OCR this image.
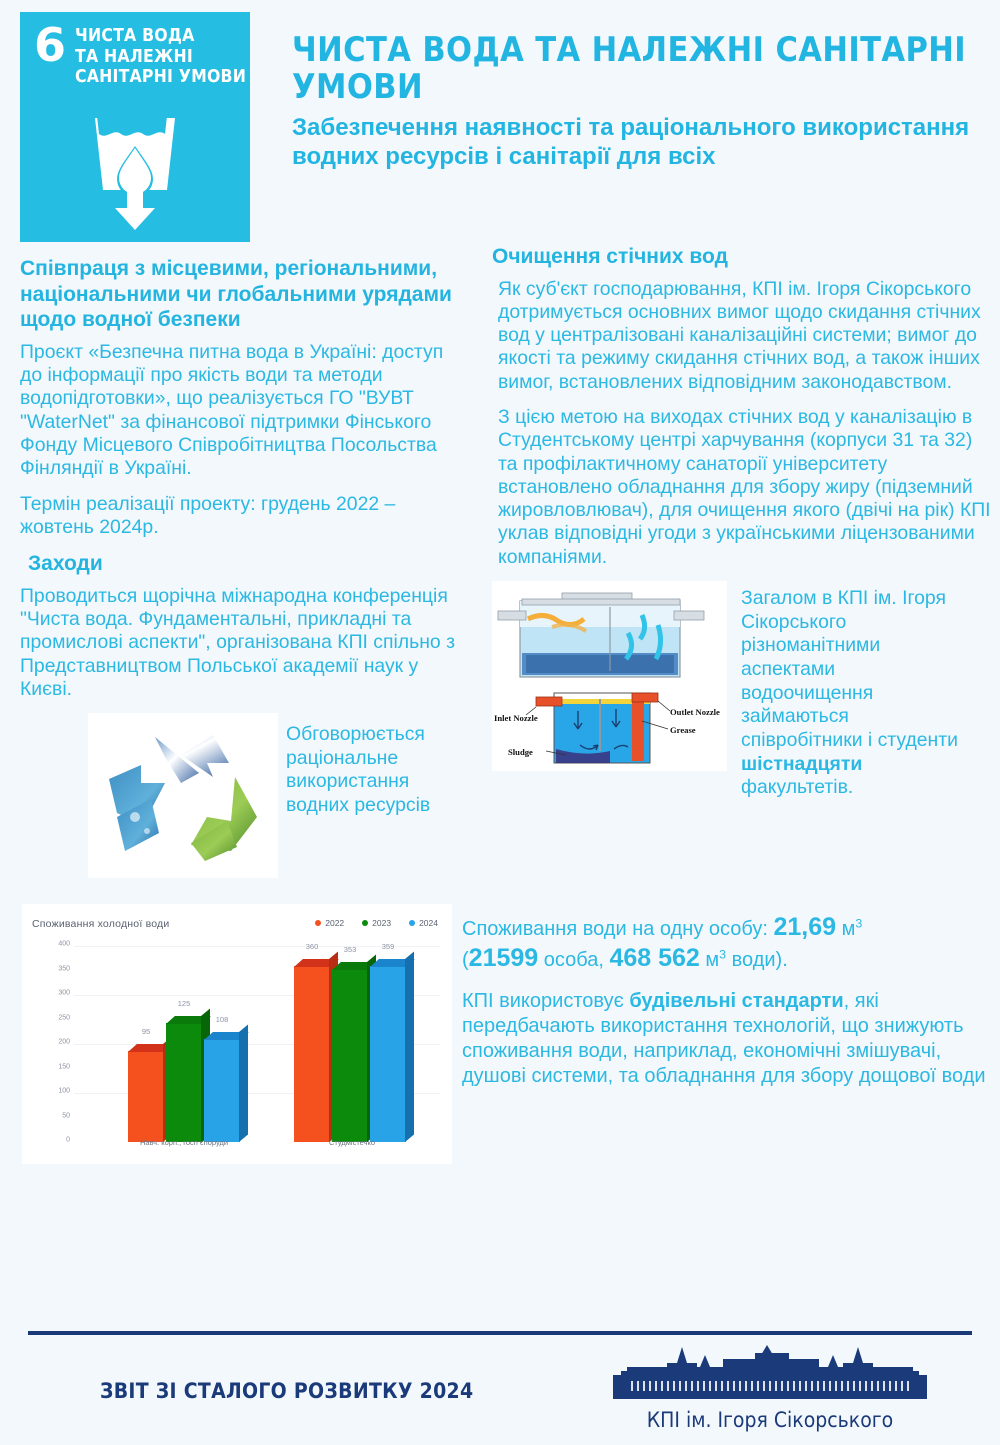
6 ЧИСТА ВОДА
ТА НАЛЕЖНІ
САНІТАРНІ УМОВИ
ЧИСТА ВОДА ТА НАЛЕЖНІ САНІТАРНІ УМОВИ

Забезпечення наявності та раціонального використання водних ресурсів і санітарії для всіх

Співпраця з місцевими, регіональними, національними чи глобальними урядами щодо водної безпеки

Проєкт «Безпечна питна вода в Україні: доступ до інформації про якість води та методи водопідготовки», що реалізується ГО "ВУВТ "WaterNet" за фінансової підтримки Фінського Фонду Місцевого Співробітництва Посольства Фінляндії в Україні.

Термін реалізації проекту: грудень 2022 – жовтень 2024р.

Заходи

Проводиться щорічна міжнародна конференція "Чиста вода. Фундаментальні, прикладні та промислові аспекти", організована КПІ спільно з Представництвом Польської академії наук у Києві.

Обговорюється раціональне використання водних ресурсів
Очищення стічних вод

Як суб'єкт господарювання, КПІ ім. Ігоря Сікорського дотримується основних вимог щодо скидання стічних вод у централізовані каналізаційні системи; вимог до якості та режиму скидання стічних вод, а також інших вимог, встановлених відповідним законодавством.

З цією метою на виходах стічних вод у каналізацію в Студентському центрі харчування (корпуси 31 та 32) та профілактичному санаторії університету встановлено обладнання для збору жиру (підземний жировловлювач), для очищення якого (двічі на рік) КПІ уклав відповідні угоди з українськими ліцензованими компаніями.

Inlet Nozzle
Outlet Nozzle
Grease
Sludge
Загалом в КПІ ім. Ігоря Сікорського різноманітними аспектами водоочищення займаються співробітники і студенти шістнадцяти факультетів.
Споживання холодної води	2022	2023	2024
400
350
300
250
200
150
100
50
0
95
125
108
360	353	359
Навч. корп., госп споруди	Студмістечко

Споживання води на одну особу: 21,69 $м^3$
(21599 особа, 468 562 $м^3$ води).

КПІ використовує будівельні стандарти, які передбачають використання технологій, що знижують споживання води, наприклад, економічні змішувачі, душові системи, та обладнання для збору дощової води

ЗВІТ ЗІ СТАЛОГО РОЗВИТКУ 2024
КПІ ім. Ігоря Сікорського
